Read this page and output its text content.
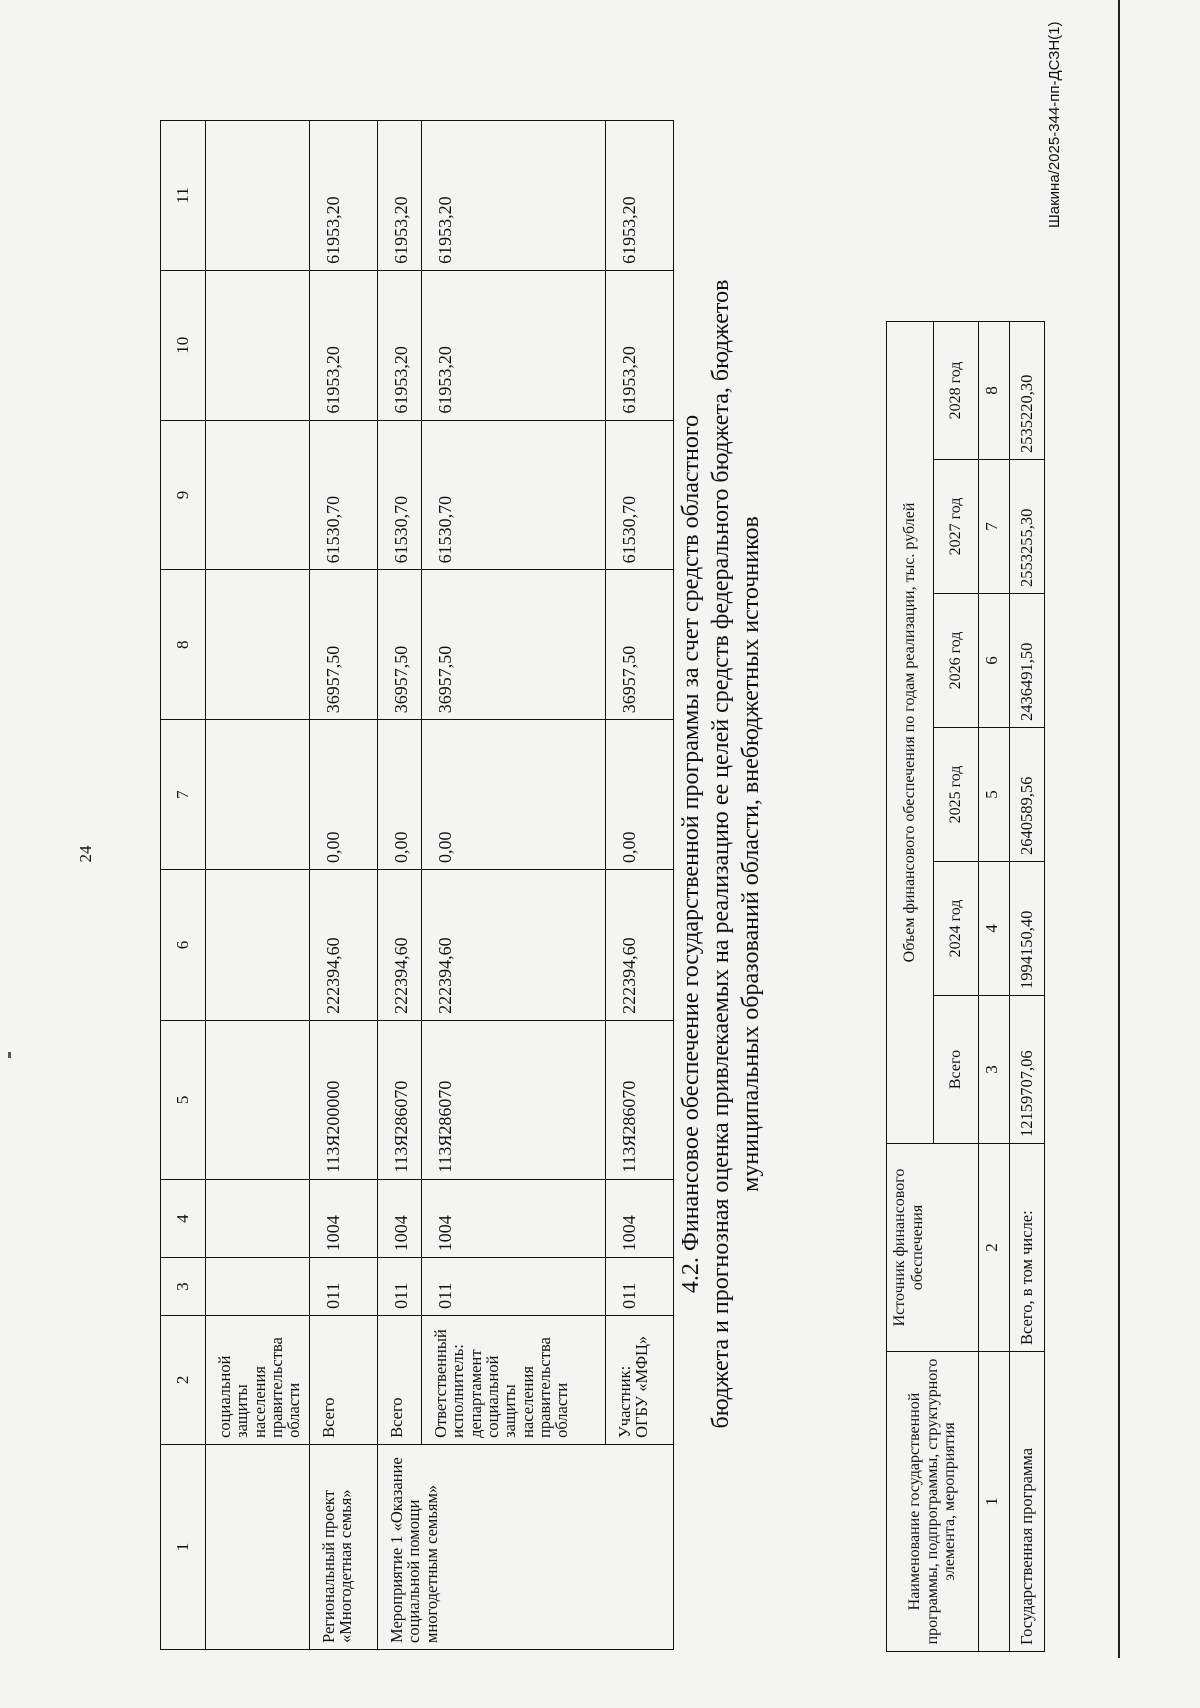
24
1	2	3	4	5	6	7	8	9	10	11
	социальной защиты населения правительства области									
Региональный проект «Многодетная семья»	Всего	011	1004	113Я200000	222394,60	0,00	36957,50	61530,70	61953,20	61953,20
Мероприятие 1 «Оказание социальной помощи многодетным семьям»	Всего	011	1004	113Я286070	222394,60	0,00	36957,50	61530,70	61953,20	61953,20
	Ответственный исполнитель: департамент социальной защиты населения правительства области	011	1004	113Я286070	222394,60	0,00	36957,50	61530,70	61953,20	61953,20
	Участник: ОГБУ «МФЦ»	011	1004	113Я286070	222394,60	0,00	36957,50	61530,70	61953,20	61953,20
4.2. Финансовое обеспечение государственной программы за счет средств областного бюджета и прогнозная оценка привлекаемых на реализацию ее целей средств федерального бюджета, бюджетов муниципальных образований области, внебюджетных источников
Наименование государственной программы, подпрограммы, структурного элемента, мероприятия	Источник финансового обеспечения	Объем финансового обеспечения по годам реализации, тыс. рублей					
		Всего	2024 год	2025 год	2026 год	2027 год	2028 год
1	2	3	4	5	6	7	8
Государственная программа	Всего, в том числе:	12159707,06	1994150,40	2640589,56	2436491,50	2553255,30	2535220,30
Шакина/2025-344-пп-ДСЗН(1)
